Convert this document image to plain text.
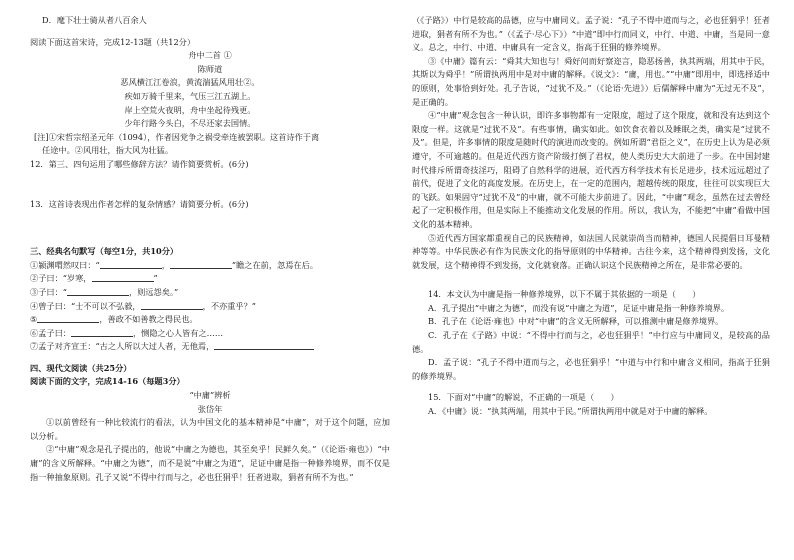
D．麾下壮士骑从者八百余人
阅读下面这首宋诗，完成12-13题（共12分）
舟中二首 ①
陈师道
恶风横江江卷浪，黄流湍猛风用壮②。
疾如万骑千里来，气压三江五湖上。
岸上空荒火夜明，舟中坐起待残更。
少年行路今头白，不尽还家去国情。
[注]①宋哲宗绍圣元年（1094），作者因党争之祸受牵连被罢职。这首诗作于离
任途中。②风用壮，指大风为壮猛。
12．第三、四句运用了哪些修辞方法？请作简要赏析。(6分)
13．这首诗表现出作者怎样的复杂情感？请简要分析。(6分)
三、经典名句默写（每空1分，共10分）
①颍渊喟然叹曰：“	，	”瞻之在前，忽焉在后。
②子曰：“岁寒，	”
③子曰：“	，则远怨矣。”
④曾子曰：“士不可以不弘毅，	，不亦重乎？”
⑤	，善政不如善教之得民也。
⑥孟子曰：	，恻隐之心人皆有之……
⑦孟子对齐宣王：“古之人所以大过人者，无他焉，
四、现代文阅读（共25分）
阅读下面的文字，完成14-16（每题3分）
“中庸”辨析
张岱年
①以前曾经有一种比较流行的看法，认为中国文化的基本精神是“中庸”，对于这个问题，应加以分析。
②“中庸”观念是孔子提出的，他说“中庸之为德也，其至矣乎！民鲜久矣。”（《论语·雍也》）“中庸”的含义所解释。“中庸之为德”，而不是说“中庸之为道”，足证中庸是指一种修养境界，而不仅是指一种抽象原则。孔子又说“不得中行而与之，必也狂狷乎！狂者进取，狷者有所不为也。”
（《子路》）中行是较高的品德，应与中庸同义。孟子说：“孔子不得中道而与之，必也狂狷乎！狂者进取，狷者有所不为也。”（《孟子·尽心下》）“中道”即中行而同义，中行、中道、中庸，当是同一意义。总之，中行、中道、中庸具有一定含义，指高于狂狷的修养境界。
③《中庸》篇有云：“舜其大知也与！舜好问而好察迩言，隐恶扬善，执其两端，用其中于民，其斯以为舜乎！”所谓执两用中是对中庸的解释。《说文》：“庸，用也。”“中庸”即用中，即选择适中的原则，处事恰到好处。孔子告说，“过犹不及。”（《论语·先进》）后儒解释中庸为“无过无不及”，是正确的。
④“中庸”观念包含一种认识，即许多事物都有一定限度，超过了这个限度，就和没有达到这个限度一样。这就是“过犹不及”。有些事情，确实如此。如饮食衣着以及睡眠之类，确实是“过犹不及”。但是，许多事情的限度是随时代的演进而改变的。例如所谓“君臣之义”，在历史上认为是必须遵守，不可逾越的。但是近代西方资产阶级打倒了君权，使人类历史大大前进了一步。在中国封建时代排斥所谓奇技淫巧，阻碍了自然科学的进展，近代西方科学技术有长足进步，技术远远超过了前代，促进了文化的高度发展。在历史上，在一定的范围内，超越传统的限度，往往可以实现巨大的飞跃。如果固守“过犹不及”的中庸，就不可能大步前进了。因此，“中庸”观念，虽然在过去曾经起了一定积极作用，但是实际上不能推动文化发展的作用。所以，我认为，不能把“中庸”看做中国文化的基本精神。
⑤近代西方国家都重视自己的民族精神，如法国人民就崇尚当而精神，德国人民提倡日耳曼精神等等。中华民族必有作为民族文化的指导原则的中华精神。古往今来，这个精神得到发扬，文化就发展，这个精神得不到发扬，文化就衰落。正确认识这个民族精神之所在，是非常必要的。
14．本文认为中庸是指一种修养境界，以下不属于其依据的一项是（　　）
A．孔子提出“中庸之为德”，而没有说“中庸之为道”，足证中庸是指一种修养境界。
B．孔子在《论语·雍也》中对“中庸”的含义无所解释，可以推测中庸是修养境界。
C．孔子在《子路》中说：“不得中行而与之，必也狂狷乎！”中行应与中庸同义，是较高的品德。
D．孟子说：“孔子不得中道而与之，必也狂狷乎！”中道与中行和中庸含义相同，指高于狂狷的修养境界。
15．下面对“中庸”的解说，不正确的一项是（　　）
A．《中庸》说：“执其两端，用其中于民。”所谓执两用中就是对于中庸的解释。
